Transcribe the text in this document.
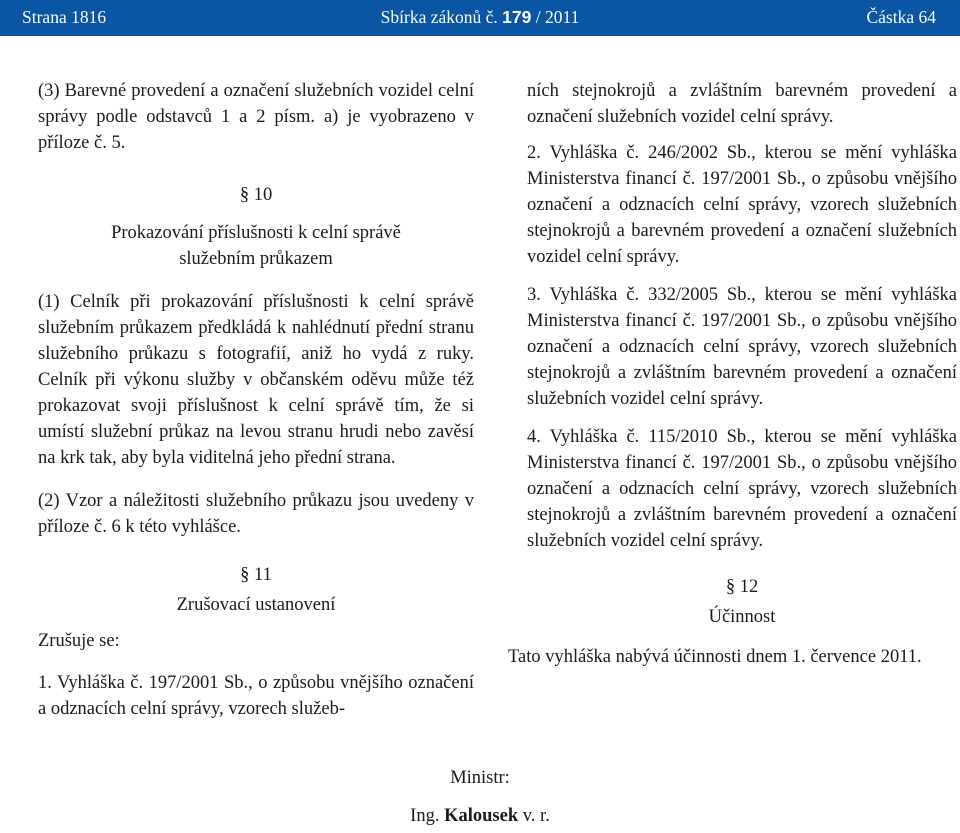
Strana 1816	Sbírka zákonů č. 179 / 2011	Částka 64

(3) Barevné provedení a označení služebních vozidel celní správy podle odstavců 1 a 2 písm. a) je vyobrazeno v příloze č. 5.

§ 10

Prokazování příslušnosti k celní správě

služebním průkazem

(1) Celník při prokazování příslušnosti k celní správě služebním průkazem předkládá k nahlédnutí přední stranu služebního průkazu s fotografií, aniž ho vydá z ruky. Celník při výkonu služby v občanském oděvu může též prokazovat svoji příslušnost k celní správě tím, že si umístí služební průkaz na levou stranu hrudi nebo zavěsí na krk tak, aby byla viditelná jeho přední strana.

(2) Vzor a náležitosti služebního průkazu jsou uvedeny v příloze č. 6 k této vyhlášce.

§ 11

Zrušovací ustanovení

Zrušuje se:

1. Vyhláška č. 197/2001 Sb., o způsobu vnějšího označení a odznacích celní správy, vzorech služeb-

ních stejnokrojů a zvláštním barevném provedení a označení služebních vozidel celní správy.

2. Vyhláška č. 246/2002 Sb., kterou se mění vyhláška Ministerstva financí č. 197/2001 Sb., o způsobu vnějšího označení a odznacích celní správy, vzorech služebních stejnokrojů a barevném provedení a označení služebních vozidel celní správy.

3. Vyhláška č. 332/2005 Sb., kterou se mění vyhláška Ministerstva financí č. 197/2001 Sb., o způsobu vnějšího označení a odznacích celní správy, vzorech služebních stejnokrojů a zvláštním barevném provedení a označení služebních vozidel celní správy.

4. Vyhláška č. 115/2010 Sb., kterou se mění vyhláška Ministerstva financí č. 197/2001 Sb., o způsobu vnějšího označení a odznacích celní správy, vzorech služebních stejnokrojů a zvláštním barevném provedení a označení služebních vozidel celní správy.

§ 12

Účinnost

Tato vyhláška nabývá účinnosti dnem 1. července 2011.

Ministr:
Ing. Kalousek v. r.
